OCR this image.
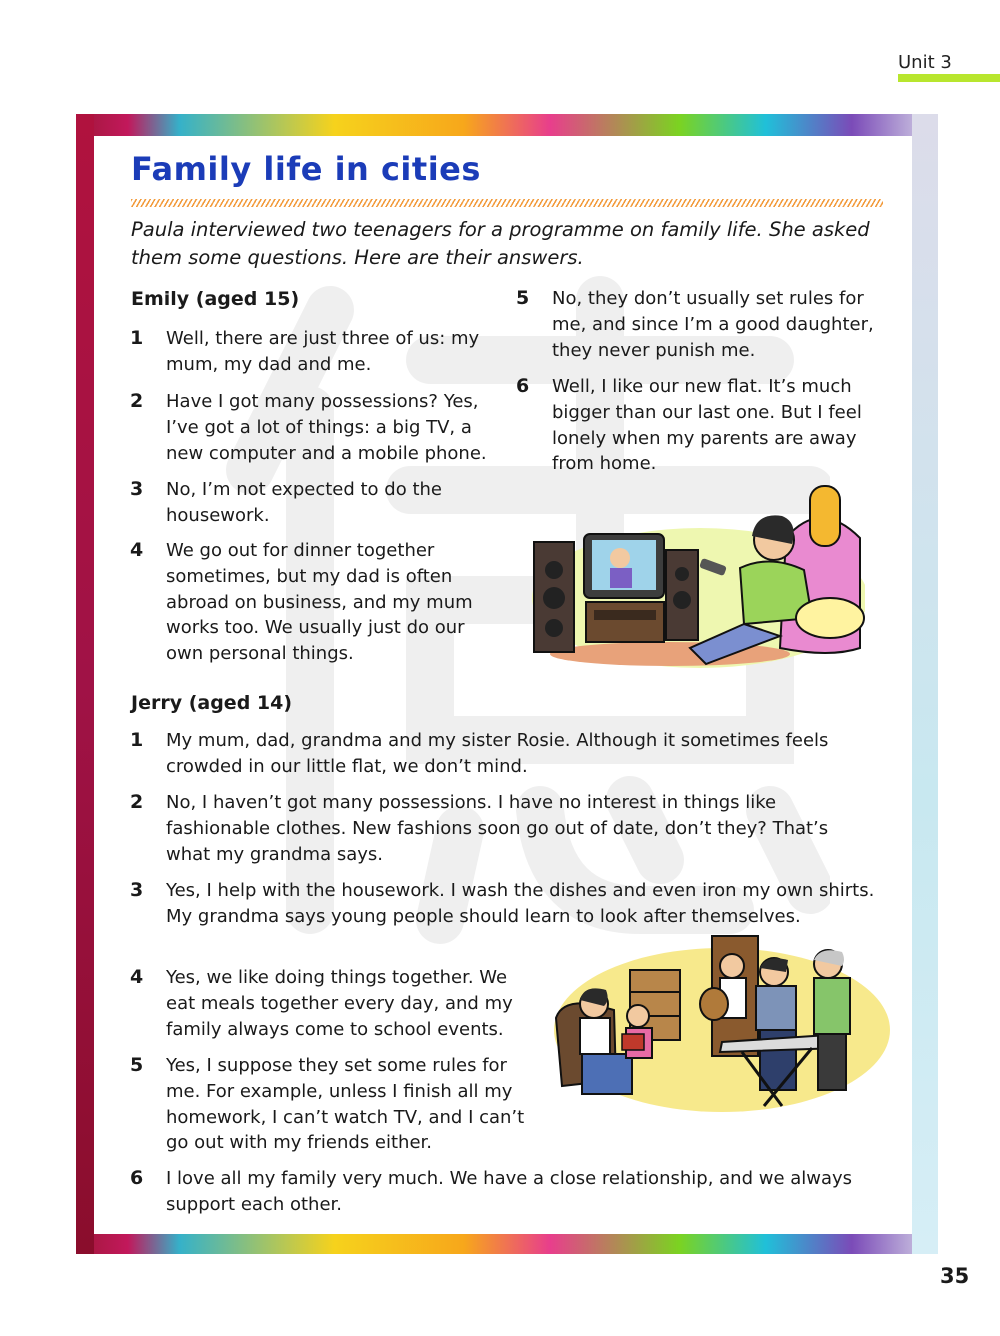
Unit 3
Family life in cities

Paula interviewed two teenagers for a programme on family life. She asked them some questions. Here are their answers.

Emily (aged 15)
1	Well, there are just three of us: my mum, my dad and me.
2	Have I got many possessions? Yes, I’ve got a lot of things: a big TV, a new computer and a mobile phone.
3	No, I’m not expected to do the housework.
4	We go out for dinner together sometimes, but my dad is often abroad on business, and my mum works too. We usually just do our own personal things.
5	No, they don’t usually set rules for me, and since I’m a good daughter, they never punish me.
6	Well, I like our new flat. It’s much bigger than our last one. But I feel lonely when my parents are away from home.
Jerry (aged 14)
1	My mum, dad, grandma and my sister Rosie. Although it sometimes feels crowded in our little flat, we don’t mind.
2	No, I haven’t got many possessions. I have no interest in things like fashionable clothes. New fashions soon go out of date, don’t they? That’s what my grandma says.
3	Yes, I help with the housework. I wash the dishes and even iron my own shirts. My grandma says young people should learn to look after themselves.
4	Yes, we like doing things together. We eat meals together every day, and my family always come to school events.
5	Yes, I suppose they set some rules for me. For example, unless I finish all my homework, I can’t watch TV, and I can’t go out with my friends either.
6	I love all my family very much. We have a close relationship, and we always support each other.
35
